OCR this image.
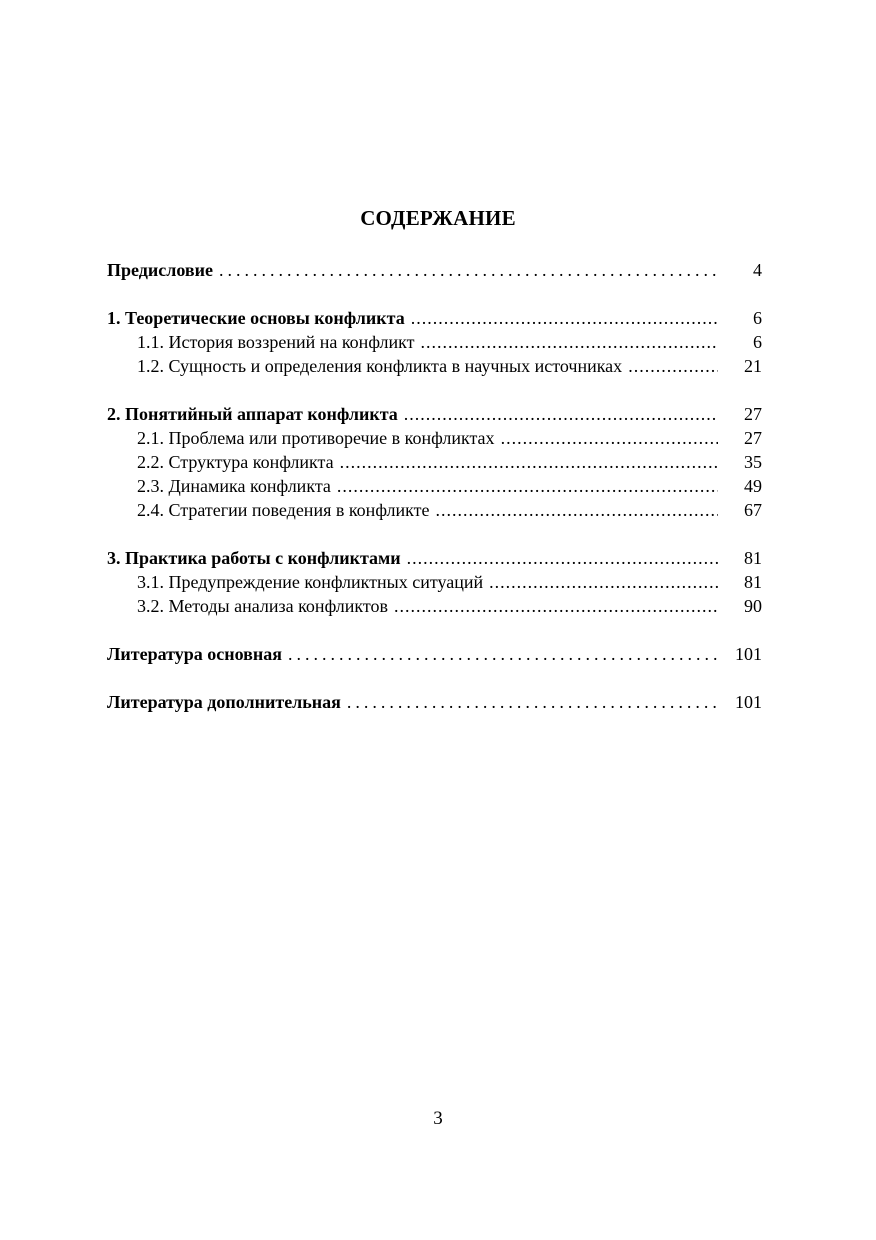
СОДЕРЖАНИЕ
Предисловие .....	4
1. Теоретические основы конфликта .....	6
1.1. История воззрений на конфликт .....	6
1.2. Сущность и определения конфликта в научных источниках .....	21
2. Понятийный аппарат конфликта .....	27
2.1. Проблема или противоречие в конфликтах .....	27
2.2. Структура конфликта .....	35
2.3. Динамика конфликта .....	49
2.4. Стратегии поведения в конфликте .....	67
3. Практика работы с конфликтами .....	81
3.1. Предупреждение конфликтных ситуаций .....	81
3.2. Методы анализа конфликтов .....	90
Литература основная .....	101
Литература дополнительная .....	101
3
